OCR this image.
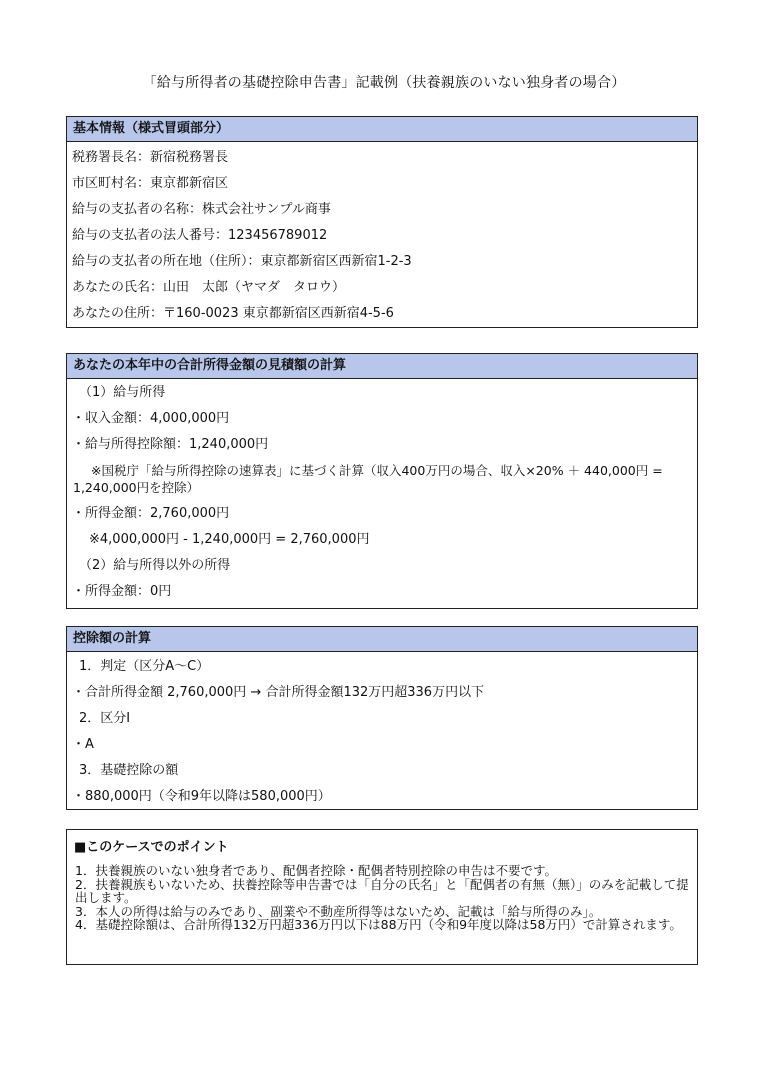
「給与所得者の基礎控除申告書」記載例（扶養親族のいない独身者の場合）
基本情報（様式冒頭部分）
税務署長名：新宿税務署長
市区町村名：東京都新宿区
給与の支払者の名称：株式会社サンプル商事
給与の支払者の法人番号：123456789012
給与の支払者の所在地（住所）：東京都新宿区西新宿1-2-3
あなたの氏名：山田　太郎（ヤマダ　タロウ）
あなたの住所：〒160-0023 東京都新宿区西新宿4-5-6
あなたの本年中の合計所得金額の見積額の計算
（1）給与所得
・収入金額：4,000,000円
・給与所得控除額：1,240,000円
※国税庁「給与所得控除の速算表」に基づく計算（収入400万円の場合、収入×20% ＋ 440,000円 = 1,240,000円を控除）
・所得金額：2,760,000円
※4,000,000円 - 1,240,000円 = 2,760,000円
（2）給与所得以外の所得
・所得金額：0円
控除額の計算
1．判定（区分A～C）
・合計所得金額 2,760,000円 → 合計所得金額132万円超336万円以下
2．区分Ⅰ
・A
3．基礎控除の額
・880,000円（令和9年以降は580,000円）
■このケースでのポイント
1．扶養親族のいない独身者であり、配偶者控除・配偶者特別控除の申告は不要です。
2．扶養親族もいないため、扶養控除等申告書では「自分の氏名」と「配偶者の有無（無）」のみを記載して提出します。
3．本人の所得は給与のみであり、副業や不動産所得等はないため、記載は「給与所得のみ」。
4．基礎控除額は、合計所得132万円超336万円以下は88万円（令和9年度以降は58万円）で計算されます。
